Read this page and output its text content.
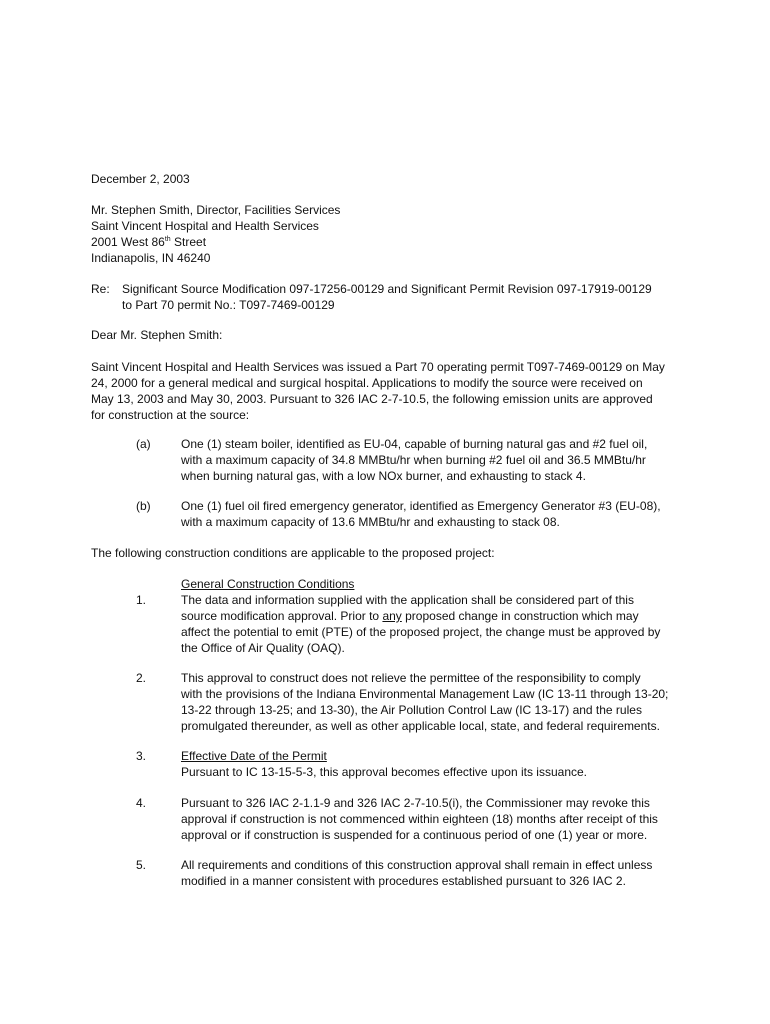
December 2, 2003
Mr. Stephen Smith, Director, Facilities Services
Saint Vincent Hospital and Health Services
2001 West 86th Street
Indianapolis, IN 46240
Re: Significant Source Modification 097-17256-00129 and Significant Permit Revision 097-17919-00129
to Part 70 permit No.: T097-7469-00129
Dear Mr. Stephen Smith:
Saint Vincent Hospital and Health Services was issued a Part 70 operating permit T097-7469-00129 on May
24, 2000 for a general medical and surgical hospital. Applications to modify the source were received on
May 13, 2003 and May 30, 2003. Pursuant to 326 IAC 2-7-10.5, the following emission units are approved
for construction at the source:
(a)	One (1) steam boiler, identified as EU-04, capable of burning natural gas and #2 fuel oil,
with a maximum capacity of 34.8 MMBtu/hr when burning #2 fuel oil and 36.5 MMBtu/hr
when burning natural gas, with a low NOx burner, and exhausting to stack 4.
(b)	One (1) fuel oil fired emergency generator, identified as Emergency Generator #3 (EU-08),
with a maximum capacity of 13.6 MMBtu/hr and exhausting to stack 08.
The following construction conditions are applicable to the proposed project:
General Construction Conditions
1.	The data and information supplied with the application shall be considered part of this
source modification approval. Prior to any proposed change in construction which may
affect the potential to emit (PTE) of the proposed project, the change must be approved by
the Office of Air Quality (OAQ).
2.	This approval to construct does not relieve the permittee of the responsibility to comply
with the provisions of the Indiana Environmental Management Law (IC 13-11 through 13-20;
13-22 through 13-25; and 13-30), the Air Pollution Control Law (IC 13-17) and the rules
promulgated thereunder, as well as other applicable local, state, and federal requirements.
3.	Effective Date of the Permit
Pursuant to IC 13-15-5-3, this approval becomes effective upon its issuance.
4.	Pursuant to 326 IAC 2-1.1-9 and 326 IAC 2-7-10.5(i), the Commissioner may revoke this
approval if construction is not commenced within eighteen (18) months after receipt of this
approval or if construction is suspended for a continuous period of one (1) year or more.
5.	All requirements and conditions of this construction approval shall remain in effect unless
modified in a manner consistent with procedures established pursuant to 326 IAC 2.
